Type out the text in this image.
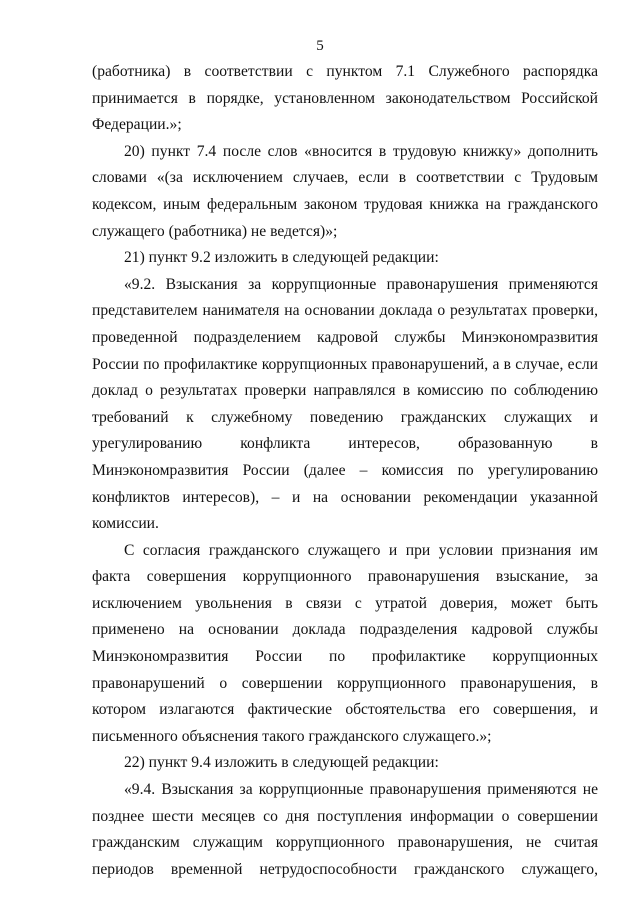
5

(работника) в соответствии с пунктом 7.1 Служебного распорядка принимается в порядке, установленном законодательством Российской Федерации.»;

20) пункт 7.4 после слов «вносится в трудовую книжку» дополнить словами «(за исключением случаев, если в соответствии с Трудовым кодексом, иным федеральным законом трудовая книжка на гражданского служащего (работника) не ведется)»;

21) пункт 9.2 изложить в следующей редакции:

«9.2. Взыскания за коррупционные правонарушения применяются представителем нанимателя на основании доклада о результатах проверки, проведенной подразделением кадровой службы Минэкономразвития России по профилактике коррупционных правонарушений, а в случае, если доклад о результатах проверки направлялся в комиссию по соблюдению требований к служебному поведению гражданских служащих и урегулированию конфликта интересов, образованную в Минэкономразвития России (далее – комиссия по урегулированию конфликтов интересов), – и на основании рекомендации указанной комиссии.

С согласия гражданского служащего и при условии признания им факта совершения коррупционного правонарушения взыскание, за исключением увольнения в связи с утратой доверия, может быть применено на основании доклада подразделения кадровой службы Минэкономразвития России по профилактике коррупционных правонарушений о совершении коррупционного правонарушения, в котором излагаются фактические обстоятельства его совершения, и письменного объяснения такого гражданского служащего.»;

22) пункт 9.4 изложить в следующей редакции:

«9.4. Взыскания за коррупционные правонарушения применяются не позднее шести месяцев со дня поступления информации о совершении гражданским служащим коррупционного правонарушения, не считая периодов временной нетрудоспособности гражданского служащего,
